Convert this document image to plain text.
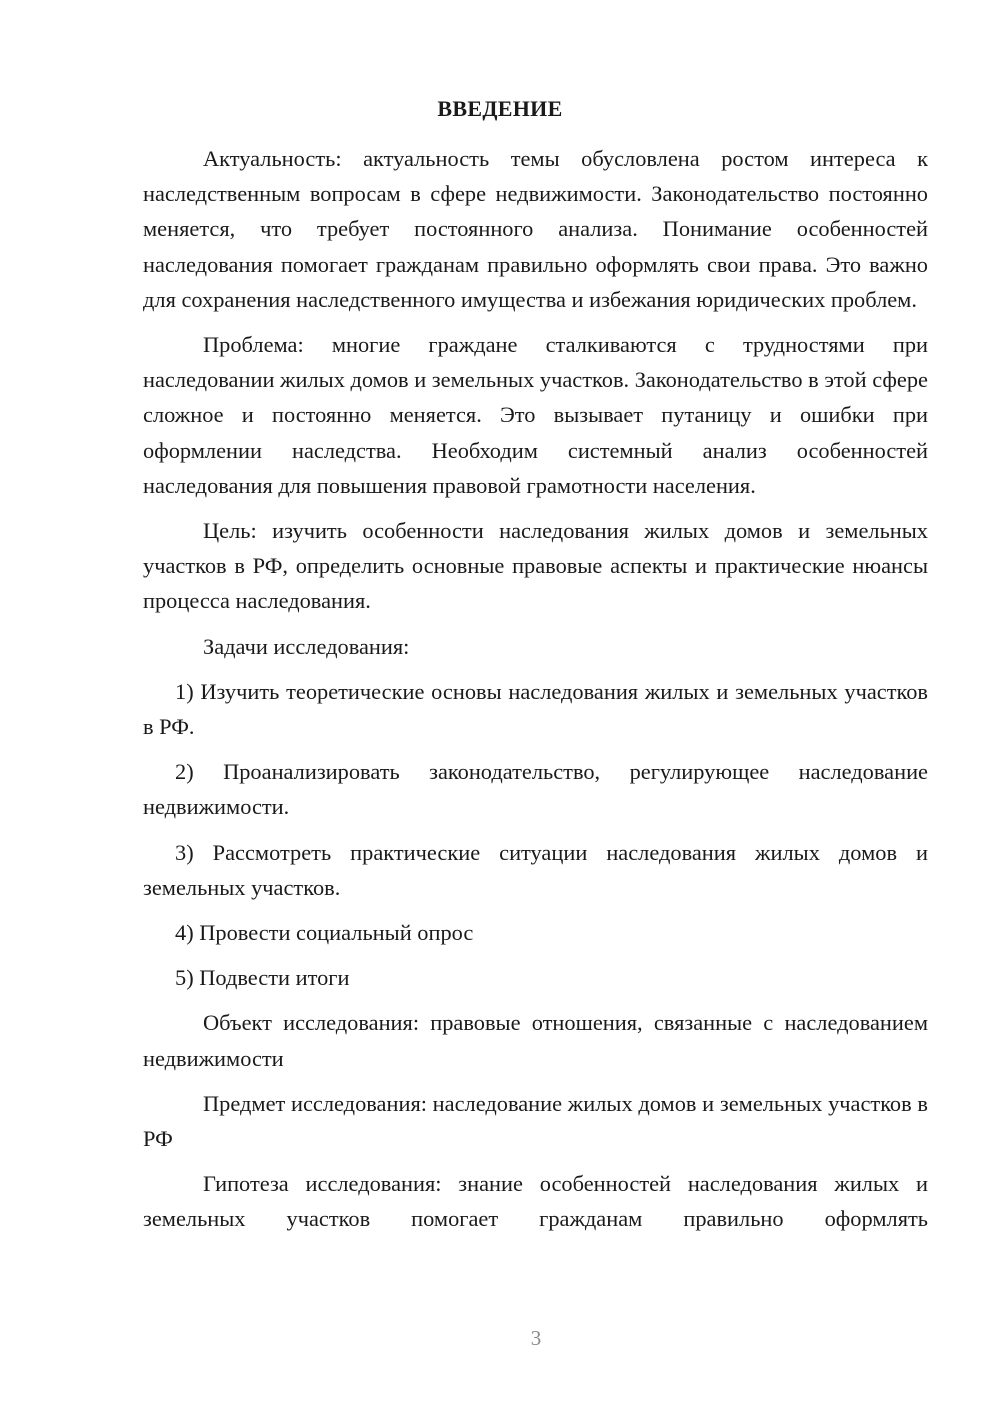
ВВЕДЕНИЕ

Актуальность: актуальность темы обусловлена ростом интереса к наследственным вопросам в сфере недвижимости. Законодательство постоянно меняется, что требует постоянного анализа. Понимание особенностей наследования помогает гражданам правильно оформлять свои права. Это важно для сохранения наследственного имущества и избежания юридических проблем.

Проблема: многие граждане сталкиваются с трудностями при наследовании жилых домов и земельных участков. Законодательство в этой сфере сложное и постоянно меняется. Это вызывает путаницу и ошибки при оформлении наследства. Необходим системный анализ особенностей наследования для повышения правовой грамотности населения.

Цель: изучить особенности наследования жилых домов и земельных участков в РФ, определить основные правовые аспекты и практические нюансы процесса наследования.

Задачи исследования:

1) Изучить теоретические основы наследования жилых и земельных участков в РФ.

2) Проанализировать законодательство, регулирующее наследование недвижимости.

3) Рассмотреть практические ситуации наследования жилых домов и земельных участков.

4) Провести социальный опрос

5) Подвести итоги

Объект исследования: правовые отношения, связанные с наследованием недвижимости

Предмет исследования: наследование жилых домов и земельных участков в РФ

Гипотеза исследования: знание особенностей наследования жилых и земельных участков помогает гражданам правильно оформлять

3
